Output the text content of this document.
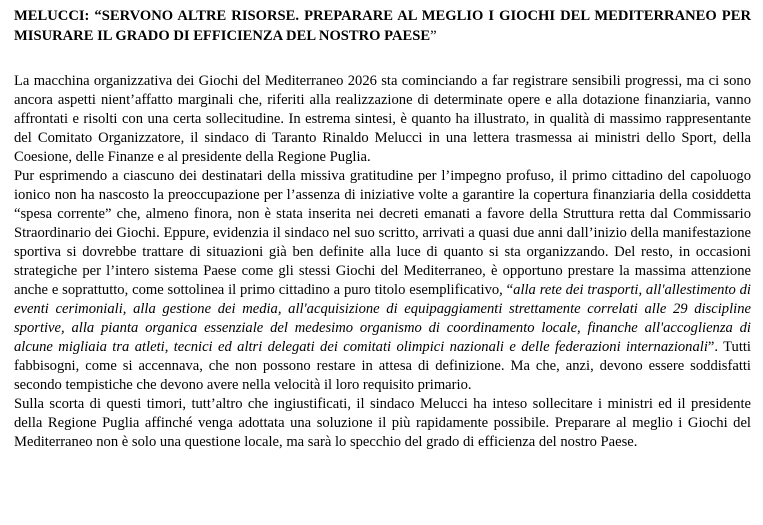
MELUCCI: “SERVONO ALTRE RISORSE. PREPARARE AL MEGLIO I GIOCHI DEL MEDITERRANEO PER MISURARE IL GRADO DI EFFICIENZA DEL NOSTRO PAESE”

La macchina organizzativa dei Giochi del Mediterraneo 2026 sta cominciando a far registrare sensibili progressi, ma ci sono ancora aspetti nient’affatto marginali che, riferiti alla realizzazione di determinate opere e alla dotazione finanziaria, vanno affrontati e risolti con una certa sollecitudine. In estrema sintesi, è quanto ha illustrato, in qualità di massimo rappresentante del Comitato Organizzatore, il sindaco di Taranto Rinaldo Melucci in una lettera trasmessa ai ministri dello Sport, della Coesione, delle Finanze e al presidente della Regione Puglia.

Pur esprimendo a ciascuno dei destinatari della missiva gratitudine per l’impegno profuso, il primo cittadino del capoluogo ionico non ha nascosto la preoccupazione per l’assenza di iniziative volte a garantire la copertura finanziaria della cosiddetta “spesa corrente” che, almeno finora, non è stata inserita nei decreti emanati a favore della Struttura retta dal Commissario Straordinario dei Giochi. Eppure, evidenzia il sindaco nel suo scritto, arrivati a quasi due anni dall’inizio della manifestazione sportiva si dovrebbe trattare di situazioni già ben definite alla luce di quanto si sta organizzando. Del resto, in occasioni strategiche per l’intero sistema Paese come gli stessi Giochi del Mediterraneo, è opportuno prestare la massima attenzione anche e soprattutto, come sottolinea il primo cittadino a puro titolo esemplificativo, “alla rete dei trasporti, all'allestimento di eventi cerimoniali, alla gestione dei media, all'acquisizione di equipaggiamenti strettamente correlati alle 29 discipline sportive, alla pianta organica essenziale del medesimo organismo di coordinamento locale, finanche all'accoglienza di alcune migliaia tra atleti, tecnici ed altri delegati dei comitati olimpici nazionali e delle federazioni internazionali”. Tutti fabbisogni, come si accennava, che non possono restare in attesa di definizione. Ma che, anzi, devono essere soddisfatti secondo tempistiche che devono avere nella velocità il loro requisito primario.

Sulla scorta di questi timori, tutt’altro che ingiustificati, il sindaco Melucci ha inteso sollecitare i ministri ed il presidente della Regione Puglia affinché venga adottata una soluzione il più rapidamente possibile. Preparare al meglio i Giochi del Mediterraneo non è solo una questione locale, ma sarà lo specchio del grado di efficienza del nostro Paese.
